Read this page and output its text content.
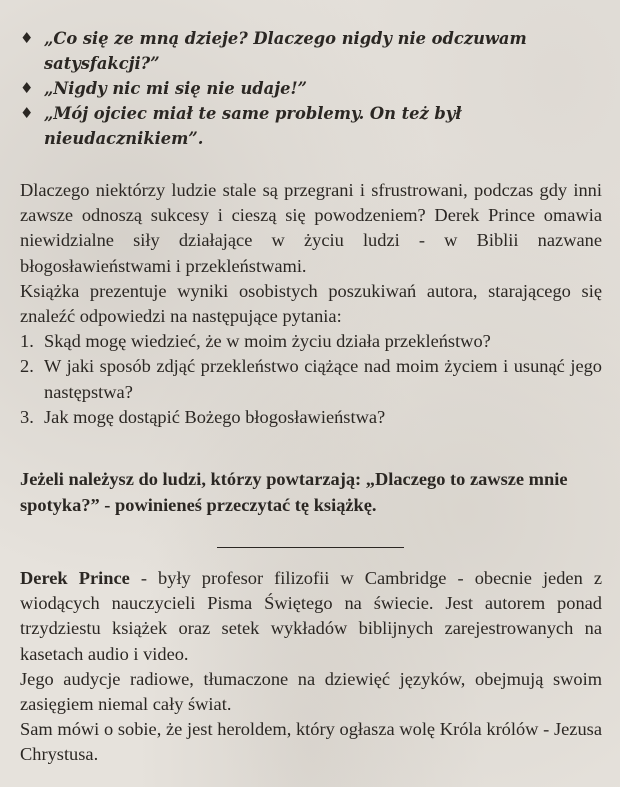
♦ „Co się ze mną dzieje? Dlaczego nigdy nie odczuwam satysfakcji?”
♦ „Nigdy nic mi się nie udaje!”
♦ „Mój ojciec miał te same problemy. On też był nieudacznikiem”.

Dlaczego niektórzy ludzie stale są przegrani i sfrustrowani, podczas gdy inni zawsze odnoszą sukcesy i cieszą się powodzeniem? Derek Prince omawia niewidzialne siły działające w życiu ludzi - w Biblii nazwane błogosławieństwami i przekleństwami.

Książka prezentuje wyniki osobistych poszukiwań autora, starającego się znaleźć odpowiedzi na następujące pytania:

1. Skąd mogę wiedzieć, że w moim życiu działa przekleństwo?
2. W jaki sposób zdjąć przekleństwo ciążące nad moim życiem i usunąć jego następstwa?
3. Jak mogę dostąpić Bożego błogosławieństwa?

Jeżeli należysz do ludzi, którzy powtarzają: „Dlaczego to zawsze mnie spotyka?” - powinieneś przeczytać tę książkę.

Derek Prince - były profesor filizofii w Cambridge - obecnie jeden z wiodących nauczycieli Pisma Świętego na świecie. Jest autorem ponad trzydziestu książek oraz setek wykładów biblijnych zarejestrowanych na kasetach audio i video.

Jego audycje radiowe, tłumaczone na dziewięć języków, obejmują swoim zasięgiem niemal cały świat.

Sam mówi o sobie, że jest heroldem, który ogłasza wolę Króla królów - Jezusa Chrystusa.
